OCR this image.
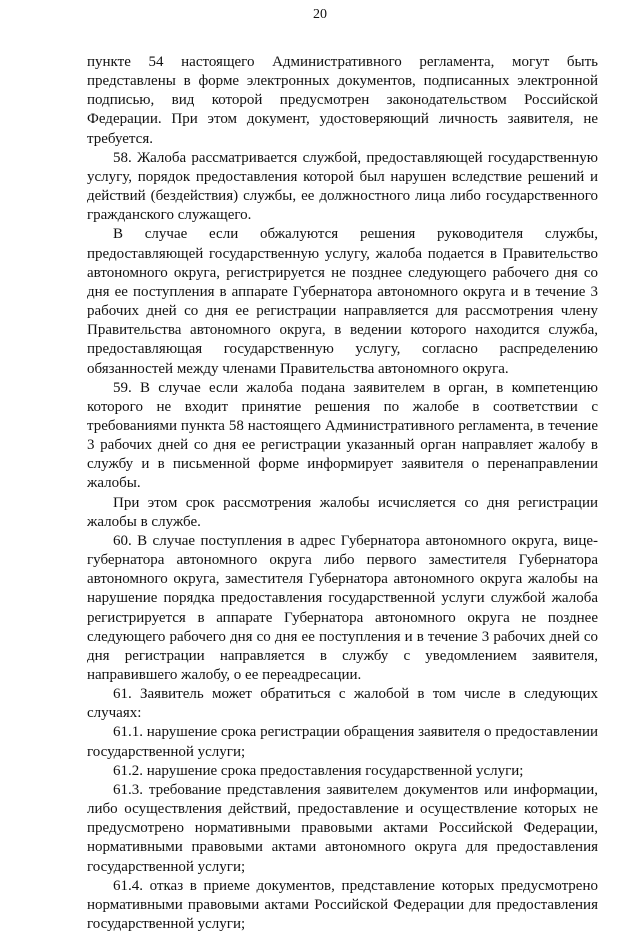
20

пункте 54 настоящего Административного регламента, могут быть представлены в форме электронных документов, подписанных электронной подписью, вид которой предусмотрен законодательством Российской Федерации. При этом документ, удостоверяющий личность заявителя, не требуется.

58. Жалоба рассматривается службой, предоставляющей государственную услугу, порядок предоставления которой был нарушен вследствие решений и действий (бездействия) службы, ее должностного лица либо государственного гражданского служащего.

В случае если обжалуются решения руководителя службы, предоставляющей государственную услугу, жалоба подается в Правительство автономного округа, регистрируется не позднее следующего рабочего дня со дня ее поступления в аппарате Губернатора автономного округа и в течение 3 рабочих дней со дня ее регистрации направляется для рассмотрения члену Правительства автономного округа, в ведении которого находится служба, предоставляющая государственную услугу, согласно распределению обязанностей между членами Правительства автономного округа.

59. В случае если жалоба подана заявителем в орган, в компетенцию которого не входит принятие решения по жалобе в соответствии с требованиями пункта 58 настоящего Административного регламента, в течение 3 рабочих дней со дня ее регистрации указанный орган направляет жалобу в службу и в письменной форме информирует заявителя о перенаправлении жалобы.

При этом срок рассмотрения жалобы исчисляется со дня регистрации жалобы в службе.

60. В случае поступления в адрес Губернатора автономного округа, вице-губернатора автономного округа либо первого заместителя Губернатора автономного округа, заместителя Губернатора автономного округа жалобы на нарушение порядка предоставления государственной услуги службой жалоба регистрируется в аппарате Губернатора автономного округа не позднее следующего рабочего дня со дня ее поступления и в течение 3 рабочих дней со дня регистрации направляется в службу с уведомлением заявителя, направившего жалобу, о ее переадресации.

61. Заявитель может обратиться с жалобой в том числе в следующих случаях:

61.1. нарушение срока регистрации обращения заявителя о предоставлении государственной услуги;

61.2. нарушение срока предоставления государственной услуги;

61.3. требование представления заявителем документов или информации, либо осуществления действий, предоставление и осуществление которых не предусмотрено нормативными правовыми актами Российской Федерации, нормативными правовыми актами автономного округа для предоставления государственной услуги;

61.4. отказ в приеме документов, представление которых предусмотрено нормативными правовыми актами Российской Федерации для предоставления государственной услуги;
